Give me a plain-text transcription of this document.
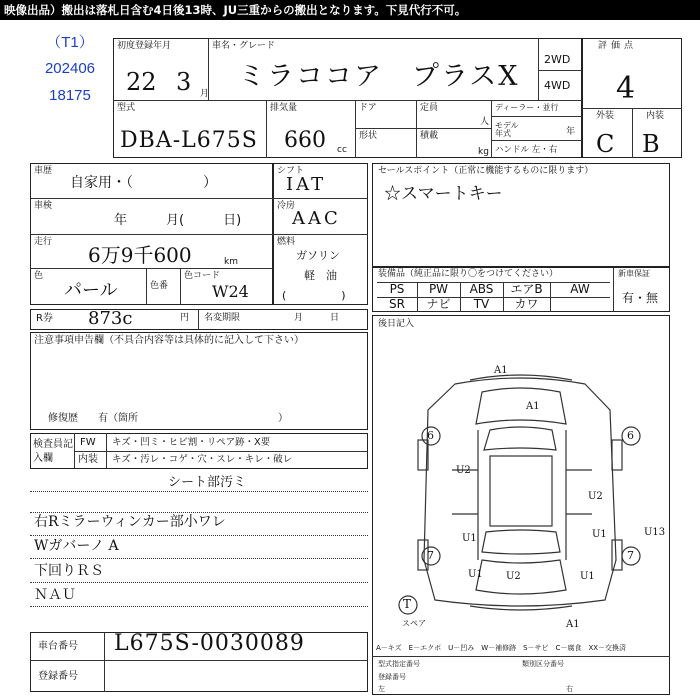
映像出品）搬出は落札日含む4日後13時、JU三重からの搬出となります。下見代行不可。
（T1）
202406
18175
初度登録年月
22 3 月
車名・グレード
ミラココア　プラスX
2WD
4WD
型式
DBA-L675S
排気量
660 cc
ドア
形状
定員
人
積載
kg
ディーラー・並行
モデル年式	年
ハンドル 左・右
評価点
4
外装	内装
C B
車歴
自家用・（　　　　　）
車検
年　　　月(　　　日)
走行
6万9千600	km
色
パール	色番
色コード
W24
シフト
IAT
冷房
AAC
燃料
ガソリン
軽　油
(　　　　　)
セールスポイント（正常に機能するものに限ります）
☆スマートキー
装備品（純正品に限り〇をつけてください）	新車保証
有・無
PS	PW	ABS	エアB	AW
SR	ナビ	TV	カワ
R券 873c	円 名変期限	月　　　日
注意事項申告欄（不具合内容等は具体的に記入して下さい）
修復歴　　有（箇所　　　　　　　　　　　　　　）
検査員記入欄
FW キズ・凹ミ・ヒビ割・リペア跡・X要
内装 キズ・汚レ・コゲ・穴・スレ・キレ・破レ
シート部汚ミ
右Rミラーウィンカー部小ワレ
Wガバーノ A
下回りＲＳ
ＮＡＵ
車台番号 L675S-0030089
登録番号
後日記入
A1
A1
U2
U2
U1	U1
U1 U2	U1
U13
A1
6	6
7	7
T
スペア
A－キズ　E－エクボ　U－凹み　W－補修跡　S－サビ　C－腐食　XX－交換済
型式指定番号	類別区分番号
登録番号
左	右
